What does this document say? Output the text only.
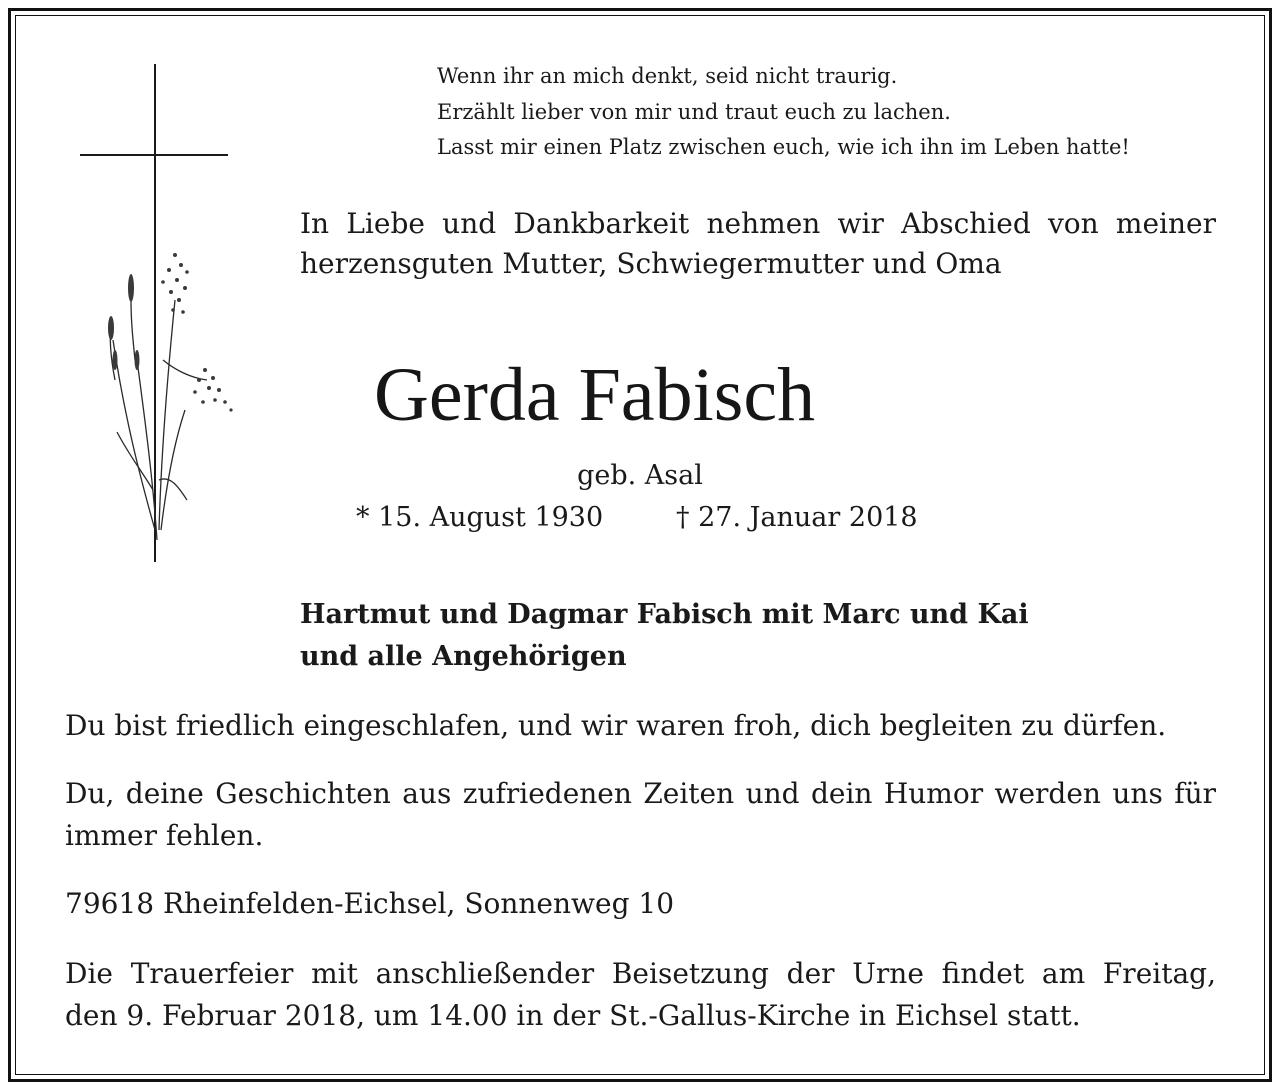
Wenn ihr an mich denkt, seid nicht traurig.

Erzählt lieber von mir und traut euch zu lachen.

Lasst mir einen Platz zwischen euch, wie ich ihn im Leben hatte!

In Liebe und Dankbarkeit nehmen wir Abschied von meiner

herzensguten Mutter, Schwiegermutter und Oma

Gerda Fabisch

geb. Asal

* 15. August 1930	† 27. Januar 2018

Hartmut und Dagmar Fabisch mit Marc und Kai

und alle Angehörigen

Du bist friedlich eingeschlafen, und wir waren froh, dich begleiten zu dürfen.

Du, deine Geschichten aus zufriedenen Zeiten und dein Humor werden uns für

immer fehlen.

79618 Rheinfelden-Eichsel, Sonnenweg 10

Die Trauerfeier mit anschließender Beisetzung der Urne findet am Freitag,

den 9. Februar 2018, um 14.00 in der St.-Gallus-Kirche in Eichsel statt.
